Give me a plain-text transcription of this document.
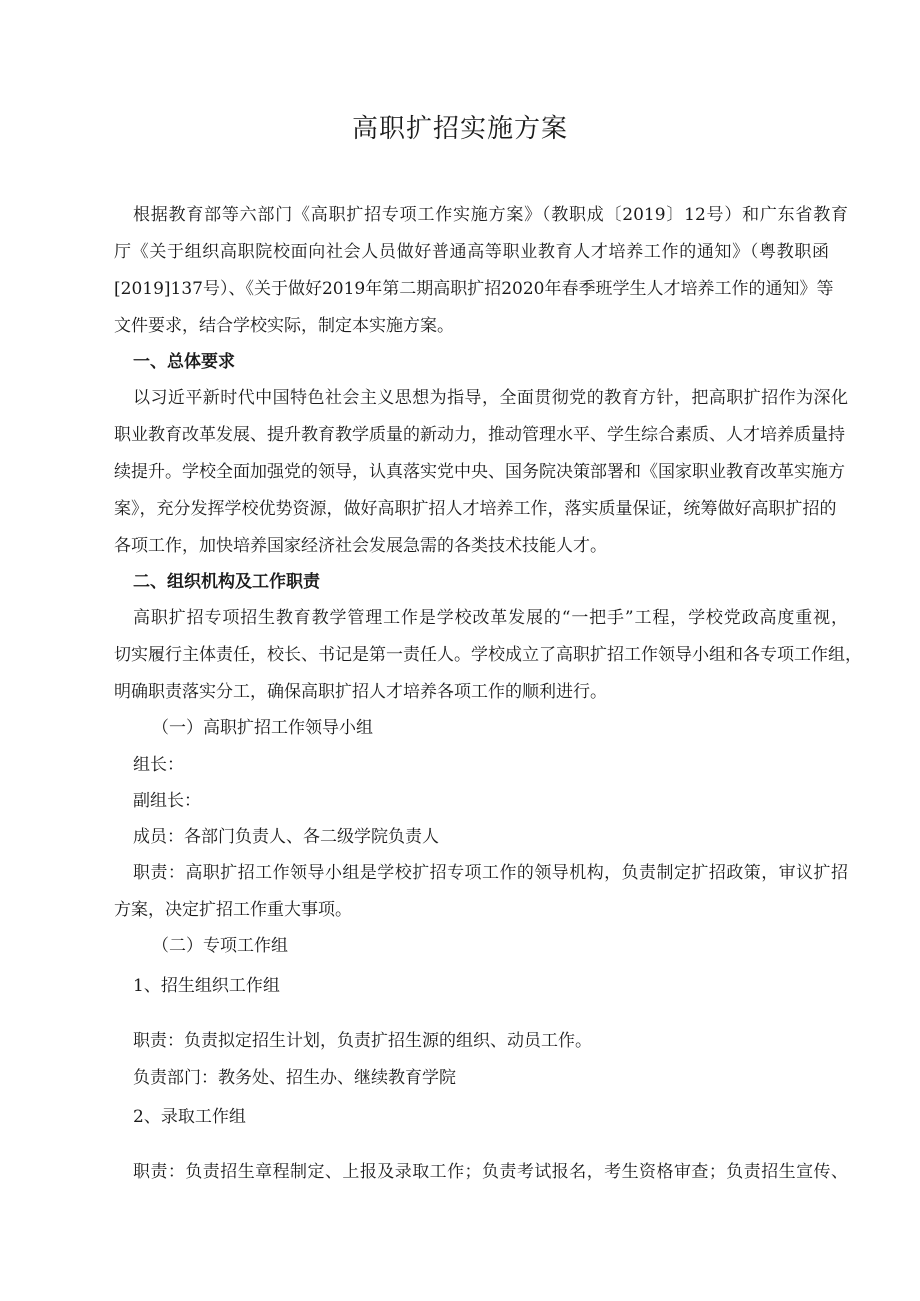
高职扩招实施方案
根据教育部等六部门《高职扩招专项工作实施方案》（教职成〔2019〕12号）和广东省教育
厅《关于组织高职院校面向社会人员做好普通高等职业教育人才培养工作的通知》（粤教职函
[2019]137号）、《关于做好2019年第二期高职扩招2020年春季班学生人才培养工作的通知》等
文件要求，结合学校实际，制定本实施方案。
一、总体要求
以习近平新时代中国特色社会主义思想为指导，全面贯彻党的教育方针，把高职扩招作为深化
职业教育改革发展、提升教育教学质量的新动力，推动管理水平、学生综合素质、人才培养质量持
续提升。学校全面加强党的领导，认真落实党中央、国务院决策部署和《国家职业教育改革实施方
案》，充分发挥学校优势资源，做好高职扩招人才培养工作，落实质量保证，统筹做好高职扩招的
各项工作，加快培养国家经济社会发展急需的各类技术技能人才。
二、组织机构及工作职责
高职扩招专项招生教育教学管理工作是学校改革发展的“一把手”工程，学校党政高度重视，
切实履行主体责任，校长、书记是第一责任人。学校成立了高职扩招工作领导小组和各专项工作组，
明确职责落实分工，确保高职扩招人才培养各项工作的顺利进行。
（一）高职扩招工作领导小组
组长：
副组长：
成员：各部门负责人、各二级学院负责人
职责：高职扩招工作领导小组是学校扩招专项工作的领导机构，负责制定扩招政策，审议扩招
方案，决定扩招工作重大事项。
（二）专项工作组
1、招生组织工作组
职责：负责拟定招生计划，负责扩招生源的组织、动员工作。
负责部门：教务处、招生办、继续教育学院
2、录取工作组
职责：负责招生章程制定、上报及录取工作；负责考试报名，考生资格审查；负责招生宣传、
